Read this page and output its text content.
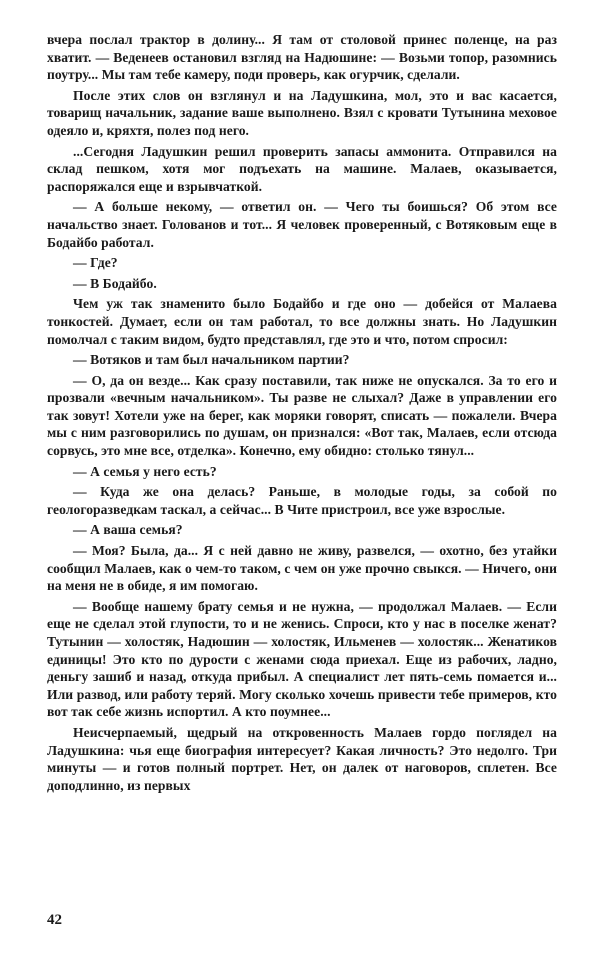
вчера послал трактор в долину... Я там от столовой принес поленце, на раз хватит. — Веденеев остановил взгляд на Надюшине: — Возьми топор, разомнись поутру... Мы там тебе камеру, поди проверь, как огурчик, сделали.

После этих слов он взглянул и на Ладушкина, мол, это и вас касается, товарищ начальник, задание ваше выполнено. Взял с кровати Тутынина меховое одеяло и, кряхтя, полез под него.

...Сегодня Ладушкин решил проверить запасы аммонита. Отправился на склад пешком, хотя мог подъехать на машине. Малаев, оказывается, распоряжался еще и взрывчаткой.

— А больше некому, — ответил он. — Чего ты боишься? Об этом все начальство знает. Голованов и тот... Я человек проверенный, с Вотяковым еще в Бодайбо работал.

— Где?

— В Бодайбо.

Чем уж так знаменито было Бодайбо и где оно — добейся от Малаева тонкостей. Думает, если он там работал, то все должны знать. Но Ладушкин помолчал с таким видом, будто представлял, где это и что, потом спросил:

— Вотяков и там был начальником партии?

— О, да он везде... Как сразу поставили, так ниже не опускался. За то его и прозвали «вечным начальником». Ты разве не слыхал? Даже в управлении его так зовут! Хотели уже на берег, как моряки говорят, списать — пожалели. Вчера мы с ним разговорились по душам, он признался: «Вот так, Малаев, если отсюда сорвусь, это мне все, отделка». Конечно, ему обидно: столько тянул...

— А семья у него есть?

— Куда же она делась? Раньше, в молодые годы, за собой по геологоразведкам таскал, а сейчас... В Чите пристроил, все уже взрослые.

— А ваша семья?

— Моя? Была, да... Я с ней давно не живу, развелся, — охотно, без утайки сообщил Малаев, как о чем-то таком, с чем он уже прочно свыкся. — Ничего, они на меня не в обиде, я им помогаю.

— Вообще нашему брату семья и не нужна, — продолжал Малаев. — Если еще не сделал этой глупости, то и не женись. Спроси, кто у нас в поселке женат? Тутынин — холостяк, Надюшин — холостяк, Ильменев — холостяк... Женатиков единицы! Это кто по дурости с женами сюда приехал. Еще из рабочих, ладно, деньгу зашиб и назад, откуда прибыл. А специалист лет пять-семь помается и... Или развод, или работу теряй. Могу сколько хочешь привести тебе примеров, кто вот так себе жизнь испортил. А кто поумнее...

Неисчерпаемый, щедрый на откровенность Малаев гордо поглядел на Ладушкина: чья еще биография интересует? Какая личность? Это недолго. Три минуты — и готов полный портрет. Нет, он далек от наговоров, сплетен. Все доподлинно, из первых

42
